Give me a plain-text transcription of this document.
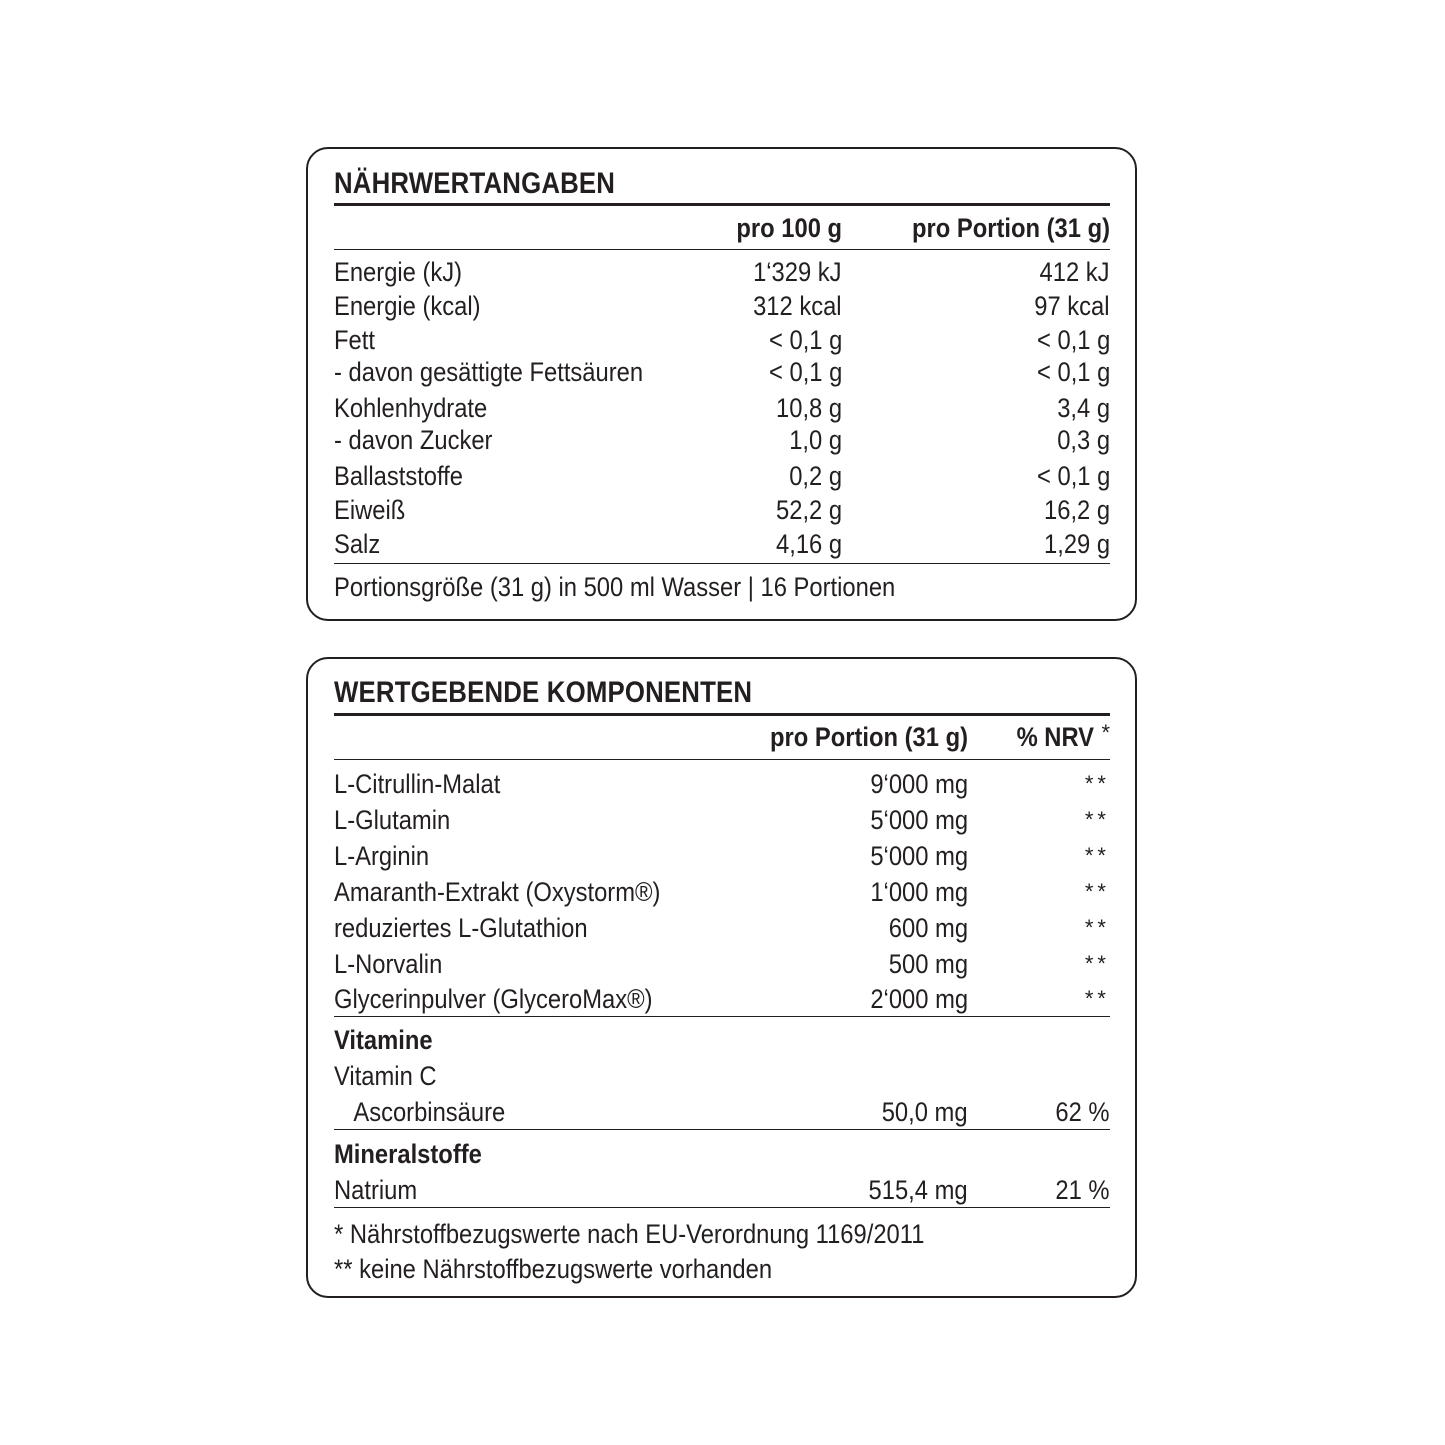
NÄHRWERTANGABEN
pro 100 g	pro Portion (31 g)
Energie (kJ)	1‘329 kJ	412 kJ
Energie (kcal)	312 kcal	97 kcal
Fett	< 0,1 g	< 0,1 g
- davon gesättigte Fettsäuren	< 0,1 g	< 0,1 g
Kohlenhydrate	10,8 g	3,4 g
- davon Zucker	1,0 g	0,3 g
Ballaststoffe	0,2 g	< 0,1 g
Eiweiß	52,2 g	16,2 g
Salz	4,16 g	1,29 g
Portionsgröße (31 g) in 500 ml Wasser | 16 Portionen
WERTGEBENDE KOMPONENTEN
pro Portion (31 g)	% NRV *
L-Citrullin-Malat	9‘000 mg	**
L-Glutamin	5‘000 mg	**
L-Arginin	5‘000 mg	**
Amaranth-Extrakt (Oxystorm®)	1‘000 mg	**
reduziertes L-Glutathion	600 mg	**
L-Norvalin	500 mg	**
Glycerinpulver (GlyceroMax®)	2‘000 mg	**
Vitamine
Vitamin C
Ascorbinsäure	50,0 mg	62 %
Mineralstoffe
Natrium	515,4 mg	21 %
* Nährstoffbezugswerte nach EU-Verordnung 1169/2011
** keine Nährstoffbezugswerte vorhanden
